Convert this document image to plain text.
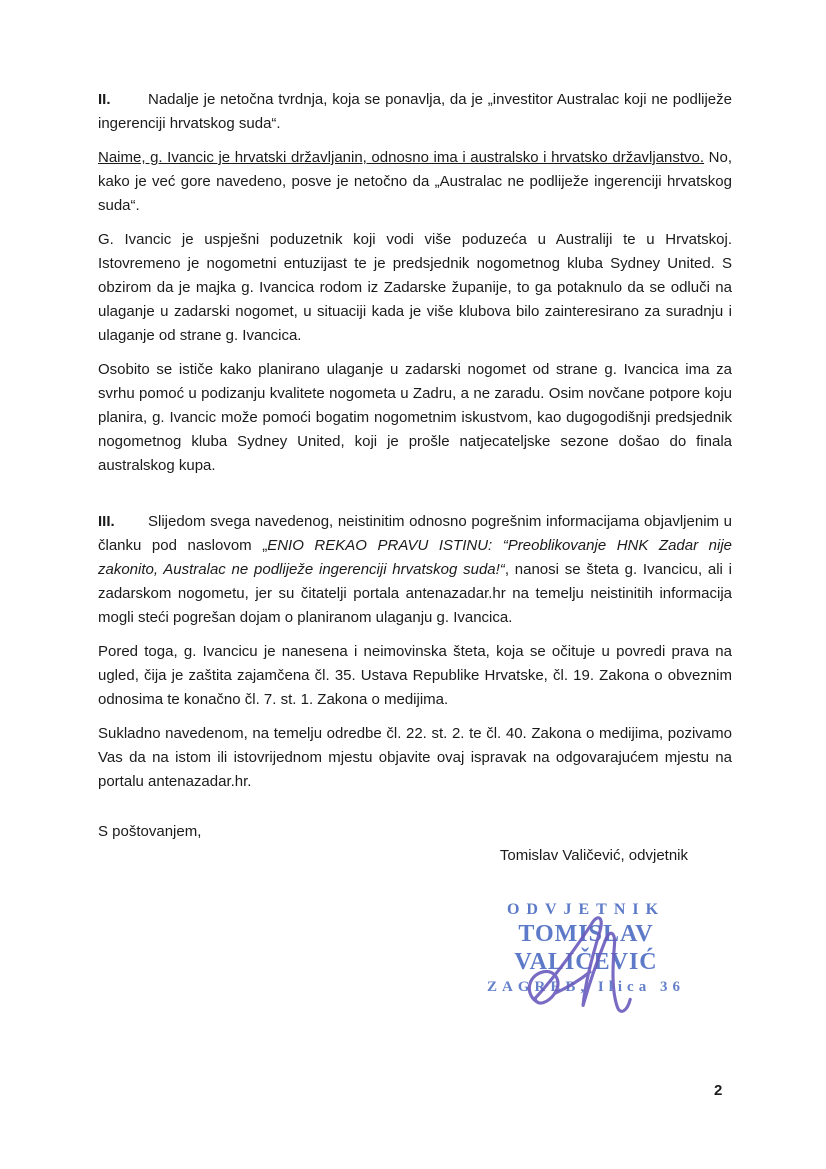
II. Nadalje je netočna tvrdnja, koja se ponavlja, da je „investitor Australac koji ne podliježe ingerenciji hrvatskog suda“.

Naime, g. Ivancic je hrvatski državljanin, odnosno ima i australsko i hrvatsko državljanstvo. No, kako je već gore navedeno, posve je netočno da „Australac ne podliježe ingerenciji hrvatskog suda“.

G. Ivancic je uspješni poduzetnik koji vodi više poduzeća u Australiji te u Hrvatskoj. Istovremeno je nogometni entuzijast te je predsjednik nogometnog kluba Sydney United. S obzirom da je majka g. Ivancica rodom iz Zadarske županije, to ga potaknulo da se odluči na ulaganje u zadarski nogomet, u situaciji kada je više klubova bilo zainteresirano za suradnju i ulaganje od strane g. Ivancica.

Osobito se ističe kako planirano ulaganje u zadarski nogomet od strane g. Ivancica ima za svrhu pomoć u podizanju kvalitete nogometa u Zadru, a ne zaradu. Osim novčane potpore koju planira, g. Ivancic može pomoći bogatim nogometnim iskustvom, kao dugogodišnji predsjednik nogometnog kluba Sydney United, koji je prošle natjecateljske sezone došao do finala australskog kupa.

III. Slijedom svega navedenog, neistinitim odnosno pogrešnim informacijama objavljenim u članku pod naslovom „ENIO REKAO PRAVU ISTINU: “Preoblikovanje HNK Zadar nije zakonito, Australac ne podliježe ingerenciji hrvatskog suda!“, nanosi se šteta g. Ivancicu, ali i zadarskom nogometu, jer su čitatelji portala antenazadar.hr na temelju neistinitih informacija mogli steći pogrešan dojam o planiranom ulaganju g. Ivancica.

Pored toga, g. Ivancicu je nanesena i neimovinska šteta, koja se očituje u povredi prava na ugled, čija je zaštita zajamčena čl. 35. Ustava Republike Hrvatske, čl. 19. Zakona o obveznim odnosima te konačno čl. 7. st. 1. Zakona o medijima.

Sukladno navedenom, na temelju odredbe čl. 22. st. 2. te čl. 40. Zakona o medijima, pozivamo Vas da na istom ili istovrijednom mjestu objavite ovaj ispravak na odgovarajućem mjestu na portalu antenazadar.hr.

S poštovanjem,
Tomislav Valičević, odvjetnik
ODVJETNIK
TOMISLAV VALIČEVIĆ
ZAGREB, Ilica 36
2
